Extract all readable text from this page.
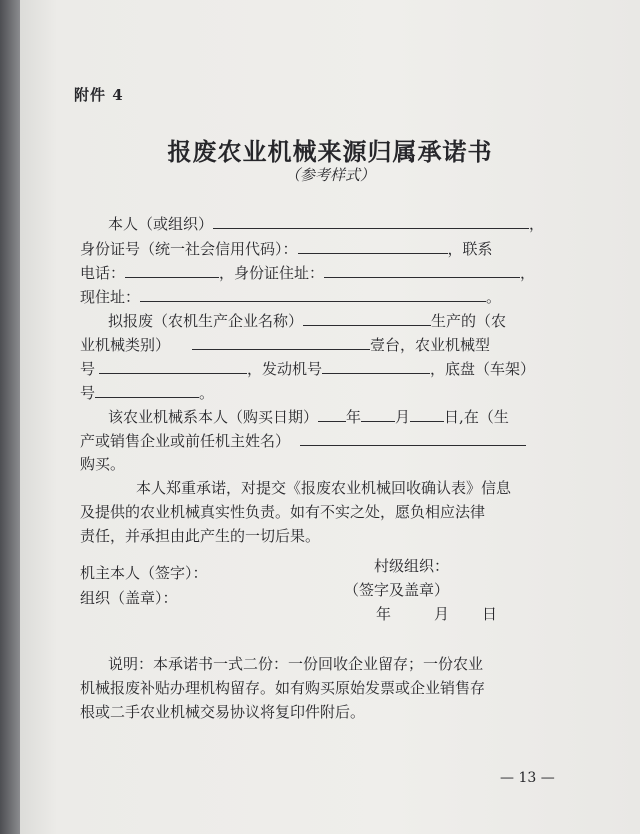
附件 4
报废农业机械来源归属承诺书
（参考样式）
本人（或组织）	，
身份证号（统一社会信用代码）：	，联系
电话：	，身份证住址：	，
现住址：	。
拟报废（农机生产企业名称）	生产的（农
业机械类别）	壹台，农业机械型
号	，发动机号	，底盘（车架）
号	。
该农业机械系本人（购买日期） 年 月 日,在（生
产或销售企业或前任机主姓名）
购买。
本人郑重承诺，对提交《报废农业机械回收确认表》信息
及提供的农业机械真实性负责。如有不实之处，愿负相应法律
责任，并承担由此产生的一切后果。
机主本人（签字）：
组织（盖章）：
村级组织：
（签字及盖章）
年	月 日
说明：本承诺书一式二份：一份回收企业留存；一份农业
机械报废补贴办理机构留存。如有购买原始发票或企业销售存
根或二手农业机械交易协议将复印件附后。
— 13 —
